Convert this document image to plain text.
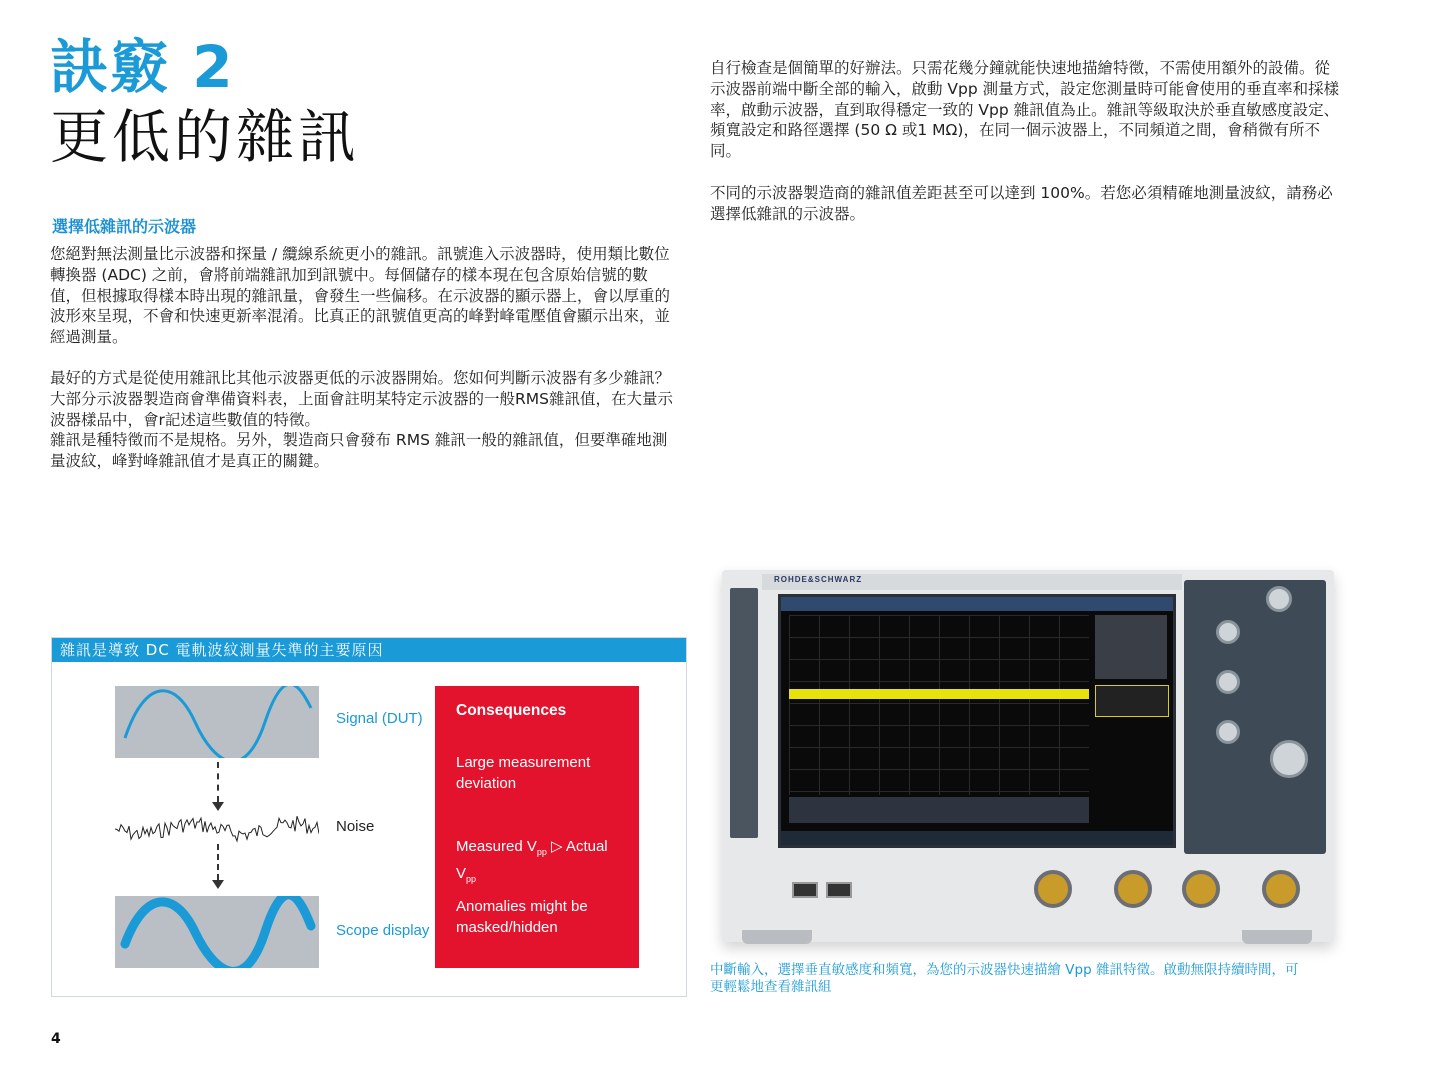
訣竅 2
更低的雜訊
選擇低雜訊的示波器

您絕對無法測量比示波器和探量 / 纜線系統更小的雜訊。訊號進入示波器時，使用類比數位轉換器 (ADC) 之前，會將前端雜訊加到訊號中。每個儲存的樣本現在包含原始信號的數值，但根據取得樣本時出現的雜訊量，會發生一些偏移。在示波器的顯示器上，會以厚重的波形來呈現，不會和快速更新率混淆。比真正的訊號值更高的峰對峰電壓值會顯示出來，並經過測量。

最好的方式是從使用雜訊比其他示波器更低的示波器開始。您如何判斷示波器有多少雜訊？大部分示波器製造商會準備資料表，上面會註明某特定示波器的一般RMS雜訊值，在大量示波器樣品中，會r記述這些數值的特徵。

雜訊是種特徵而不是規格。另外，製造商只會發布 RMS 雜訊一般的雜訊值，但要準確地測量波紋，峰對峰雜訊值才是真正的關鍵。

自行檢查是個簡單的好辦法。只需花幾分鐘就能快速地描繪特徵，不需使用額外的設備。從示波器前端中斷全部的輸入，啟動 Vpp 測量方式，設定您測量時可能會使用的垂直率和採樣率，啟動示波器，直到取得穩定一致的 Vpp 雜訊值為止。雜訊等級取決於垂直敏感度設定、頻寬設定和路徑選擇 (50 Ω 或1 MΩ)，在同一個示波器上，不同頻道之間，會稍微有所不同。

不同的示波器製造商的雜訊值差距甚至可以達到 100%。若您必須精確地測量波紋，請務必選擇低雜訊的示波器。

雜訊是導致 DC 電軌波紋測量失準的主要原因
Signal (DUT)
Noise
Scope display
Consequences
Large measurement deviation
Measured $V_{pp}$ ▷ Actual $V_{pp}$
Anomalies might be masked/hidden
ROHDE&SCHWARZ

中斷輸入，選擇垂直敏感度和頻寬，為您的示波器快速描繪 Vpp 雜訊特徵。啟動無限持續時間，可更輕鬆地查看雜訊組

4
